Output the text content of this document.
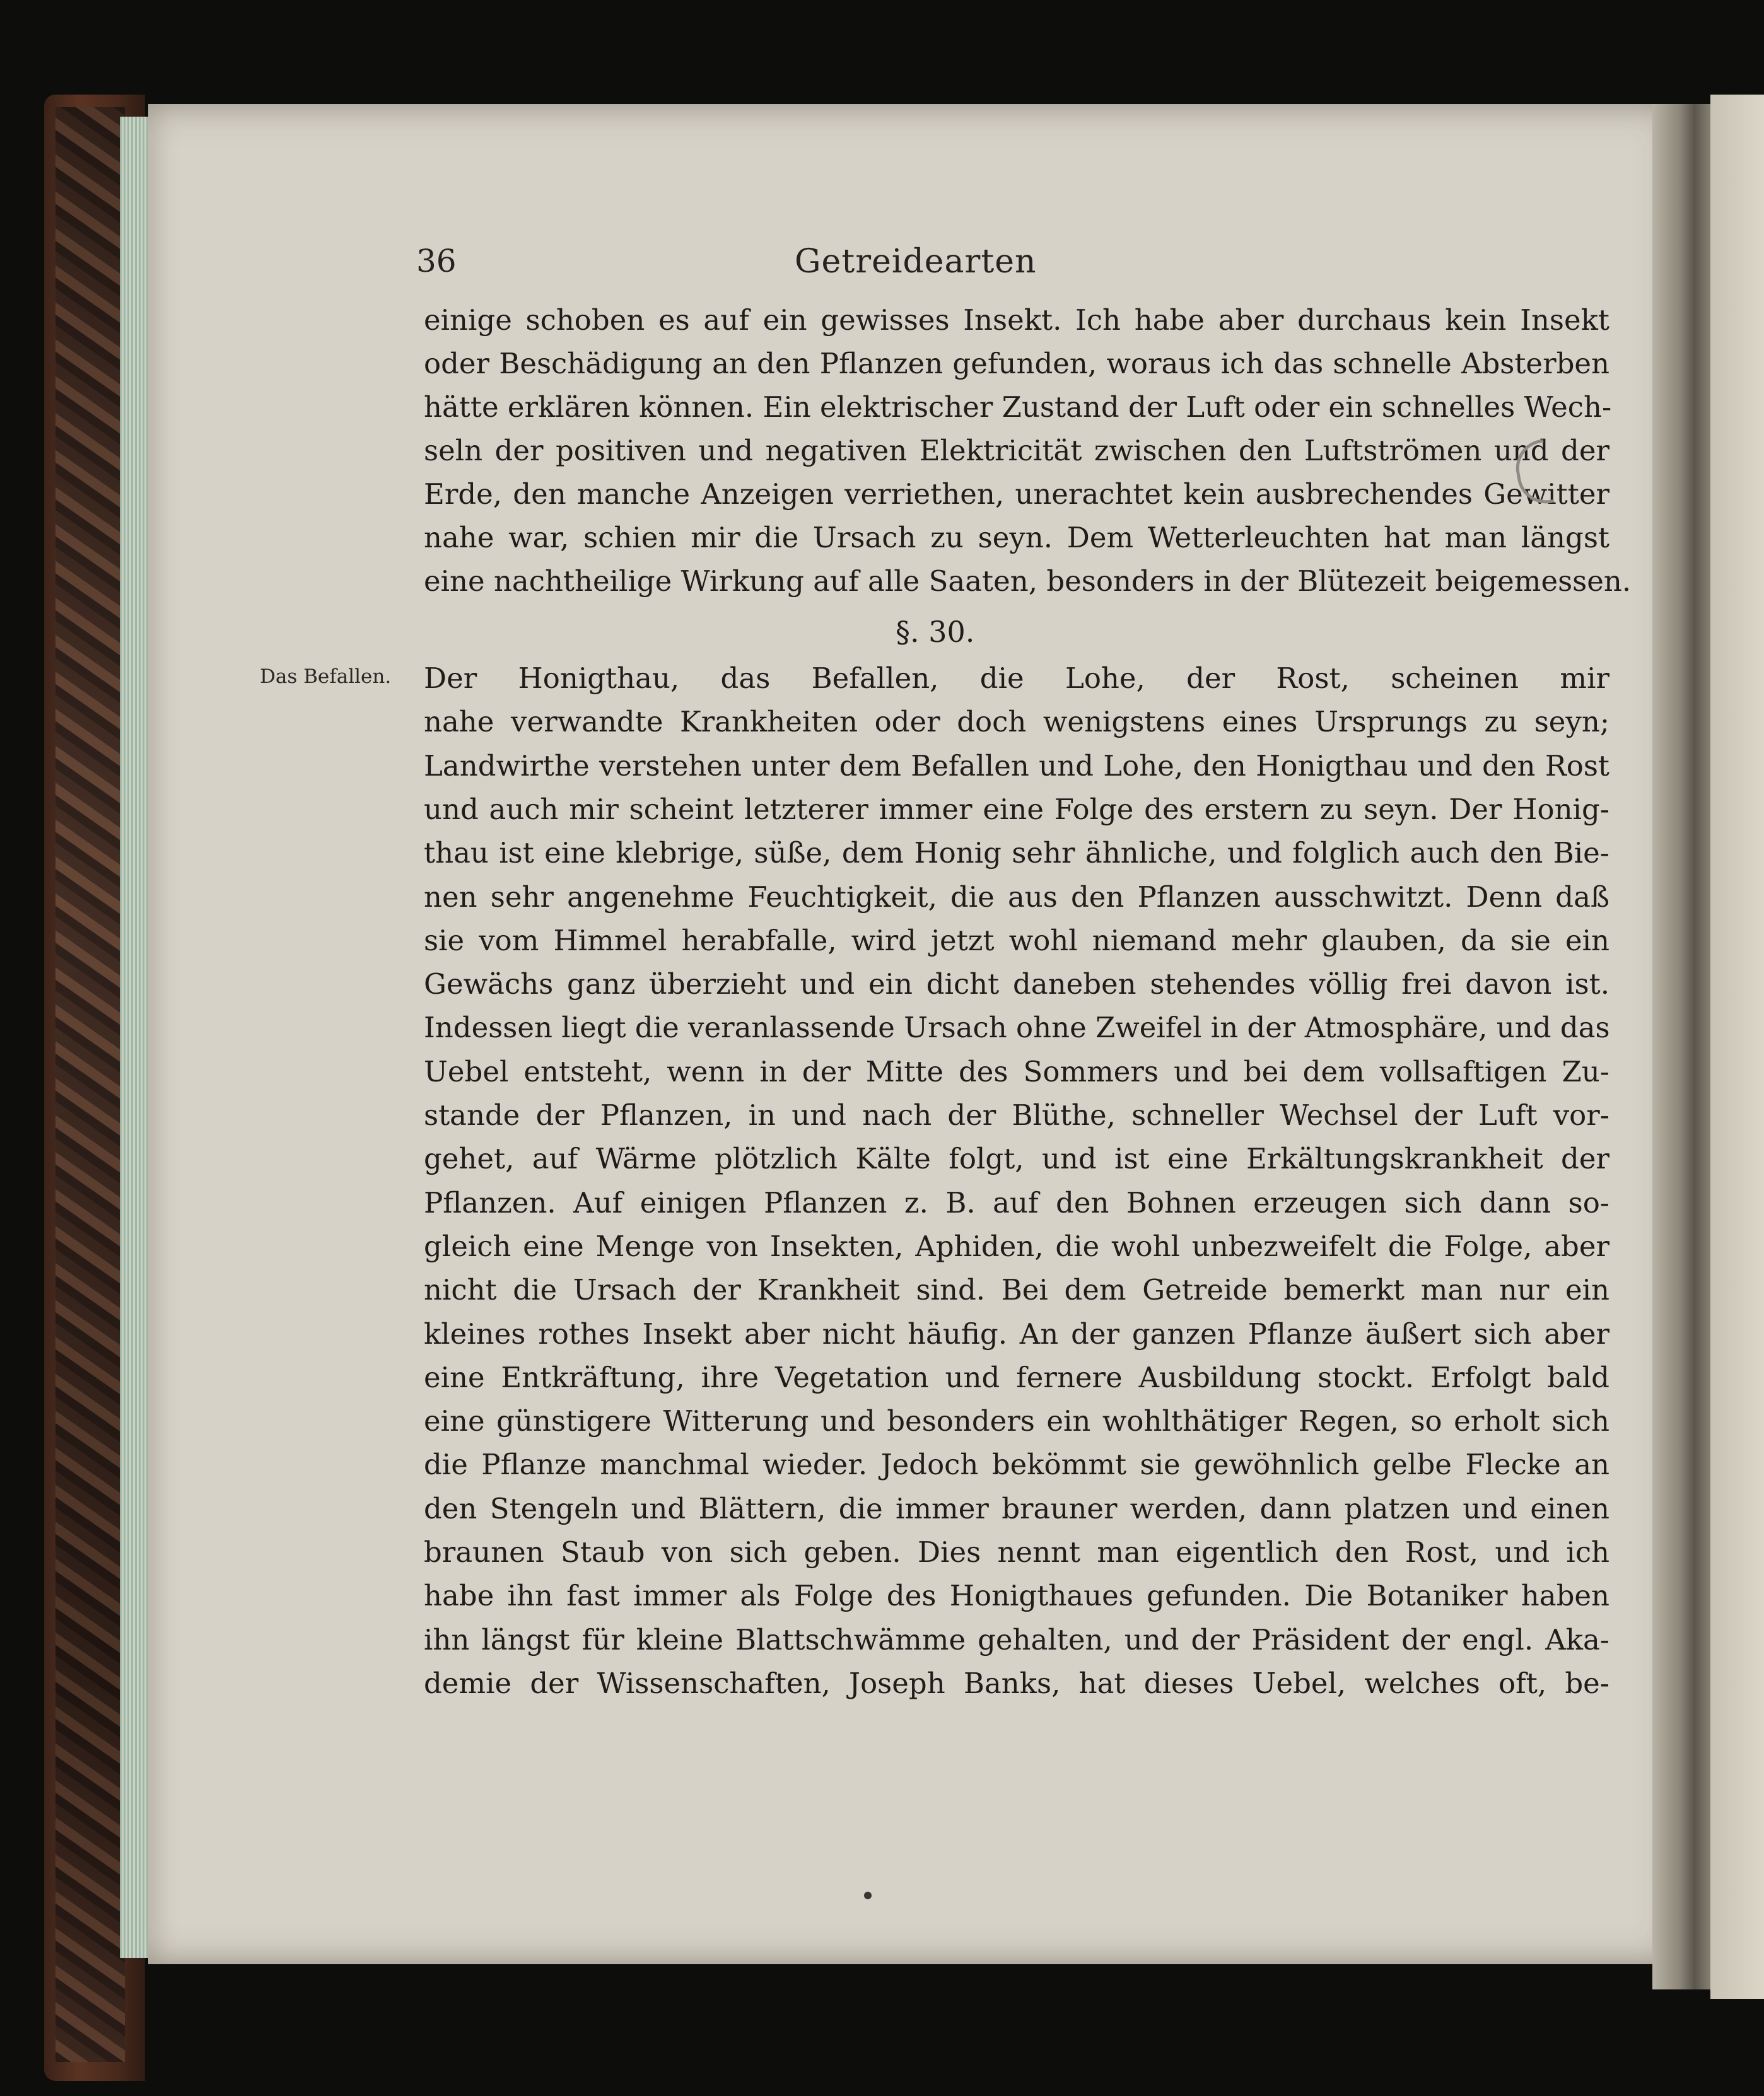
36	Getreidearten
Das Befallen.
einige schoben es auf ein gewisses Insekt. Ich habe aber durchaus kein Insekt
oder Beschädigung an den Pflanzen gefunden, woraus ich das schnelle Absterben
hätte erklären können. Ein elektrischer Zustand der Luft oder ein schnelles Wech-
seln der positiven und negativen Elektricität zwischen den Luftströmen und der
Erde, den manche Anzeigen verriethen, unerachtet kein ausbrechendes Gewitter
nahe war, schien mir die Ursach zu seyn. Dem Wetterleuchten hat man längst
eine nachtheilige Wirkung auf alle Saaten, besonders in der Blütezeit beigemessen.
§. 30.
Der Honigthau, das Befallen, die Lohe, der Rost, scheinen mir
nahe verwandte Krankheiten oder doch wenigstens eines Ursprungs zu seyn;
Landwirthe verstehen unter dem Befallen und Lohe, den Honigthau und den Rost
und auch mir scheint letzterer immer eine Folge des erstern zu seyn. Der Honig-
thau ist eine klebrige, süße, dem Honig sehr ähnliche, und folglich auch den Bie-
nen sehr angenehme Feuchtigkeit, die aus den Pflanzen ausschwitzt. Denn daß
sie vom Himmel herabfalle, wird jetzt wohl niemand mehr glauben, da sie ein
Gewächs ganz überzieht und ein dicht daneben stehendes völlig frei davon ist.
Indessen liegt die veranlassende Ursach ohne Zweifel in der Atmosphäre, und das
Uebel entsteht, wenn in der Mitte des Sommers und bei dem vollsaftigen Zu-
stande der Pflanzen, in und nach der Blüthe, schneller Wechsel der Luft vor-
gehet, auf Wärme plötzlich Kälte folgt, und ist eine Erkältungskrankheit der
Pflanzen. Auf einigen Pflanzen z. B. auf den Bohnen erzeugen sich dann so-
gleich eine Menge von Insekten, Aphiden, die wohl unbezweifelt die Folge, aber
nicht die Ursach der Krankheit sind. Bei dem Getreide bemerkt man nur ein
kleines rothes Insekt aber nicht häufig. An der ganzen Pflanze äußert sich aber
eine Entkräftung, ihre Vegetation und fernere Ausbildung stockt. Erfolgt bald
eine günstigere Witterung und besonders ein wohlthätiger Regen, so erholt sich
die Pflanze manchmal wieder. Jedoch bekömmt sie gewöhnlich gelbe Flecke an
den Stengeln und Blättern, die immer brauner werden, dann platzen und einen
braunen Staub von sich geben. Dies nennt man eigentlich den Rost, und ich
habe ihn fast immer als Folge des Honigthaues gefunden. Die Botaniker haben
ihn längst für kleine Blattschwämme gehalten, und der Präsident der engl. Aka-
demie der Wissenschaften, Joseph Banks, hat dieses Uebel, welches oft, be-
